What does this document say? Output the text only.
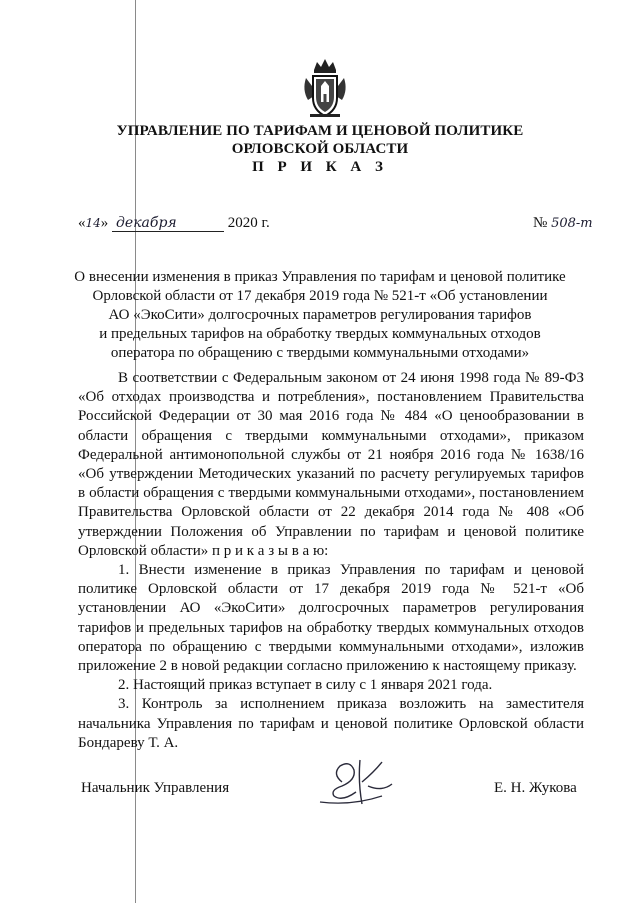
УПРАВЛЕНИЕ ПО ТАРИФАМ И ЦЕНОВОЙ ПОЛИТИКЕ
ОРЛОВСКОЙ ОБЛАСТИ
П Р И К А З
«14» декабря	2020 г.	№ 508-т
О внесении изменения в приказ Управления по тарифам и ценовой политике
Орловской области от 17 декабря 2019 года № 521-т «Об установлении
АО «ЭкоСити» долгосрочных параметров регулирования тарифов
и предельных тарифов на обработку твердых коммунальных отходов
оператора по обращению с твердыми коммунальными отходами»

В соответствии с Федеральным законом от 24 июня 1998 года № 89-ФЗ «Об отходах производства и потребления», постановлением Правительства Российской Федерации от 30 мая 2016 года № 484 «О ценообразовании в области обращения с твердыми коммунальными отходами», приказом Федеральной антимонопольной службы от 21 ноября 2016 года № 1638/16 «Об утверждении Методических указаний по расчету регулируемых тарифов в области обращения с твердыми коммунальными отходами», постановлением Правительства Орловской области от 22 декабря 2014 года № 408 «Об утверждении Положения об Управлении по тарифам и ценовой политике Орловской области» п р и к а з ы в а ю:

1. Внести изменение в приказ Управления по тарифам и ценовой политике Орловской области от 17 декабря 2019 года № 521-т «Об установлении АО «ЭкоСити» долгосрочных параметров регулирования тарифов и предельных тарифов на обработку твердых коммунальных отходов оператора по обращению с твердыми коммунальными отходами», изложив приложение 2 в новой редакции согласно приложению к настоящему приказу.

2. Настоящий приказ вступает в силу с 1 января 2021 года.

3. Контроль за исполнением приказа возложить на заместителя начальника Управления по тарифам и ценовой политике Орловской области Бондареву Т. А.

Начальник Управления	Е. Н. Жукова
